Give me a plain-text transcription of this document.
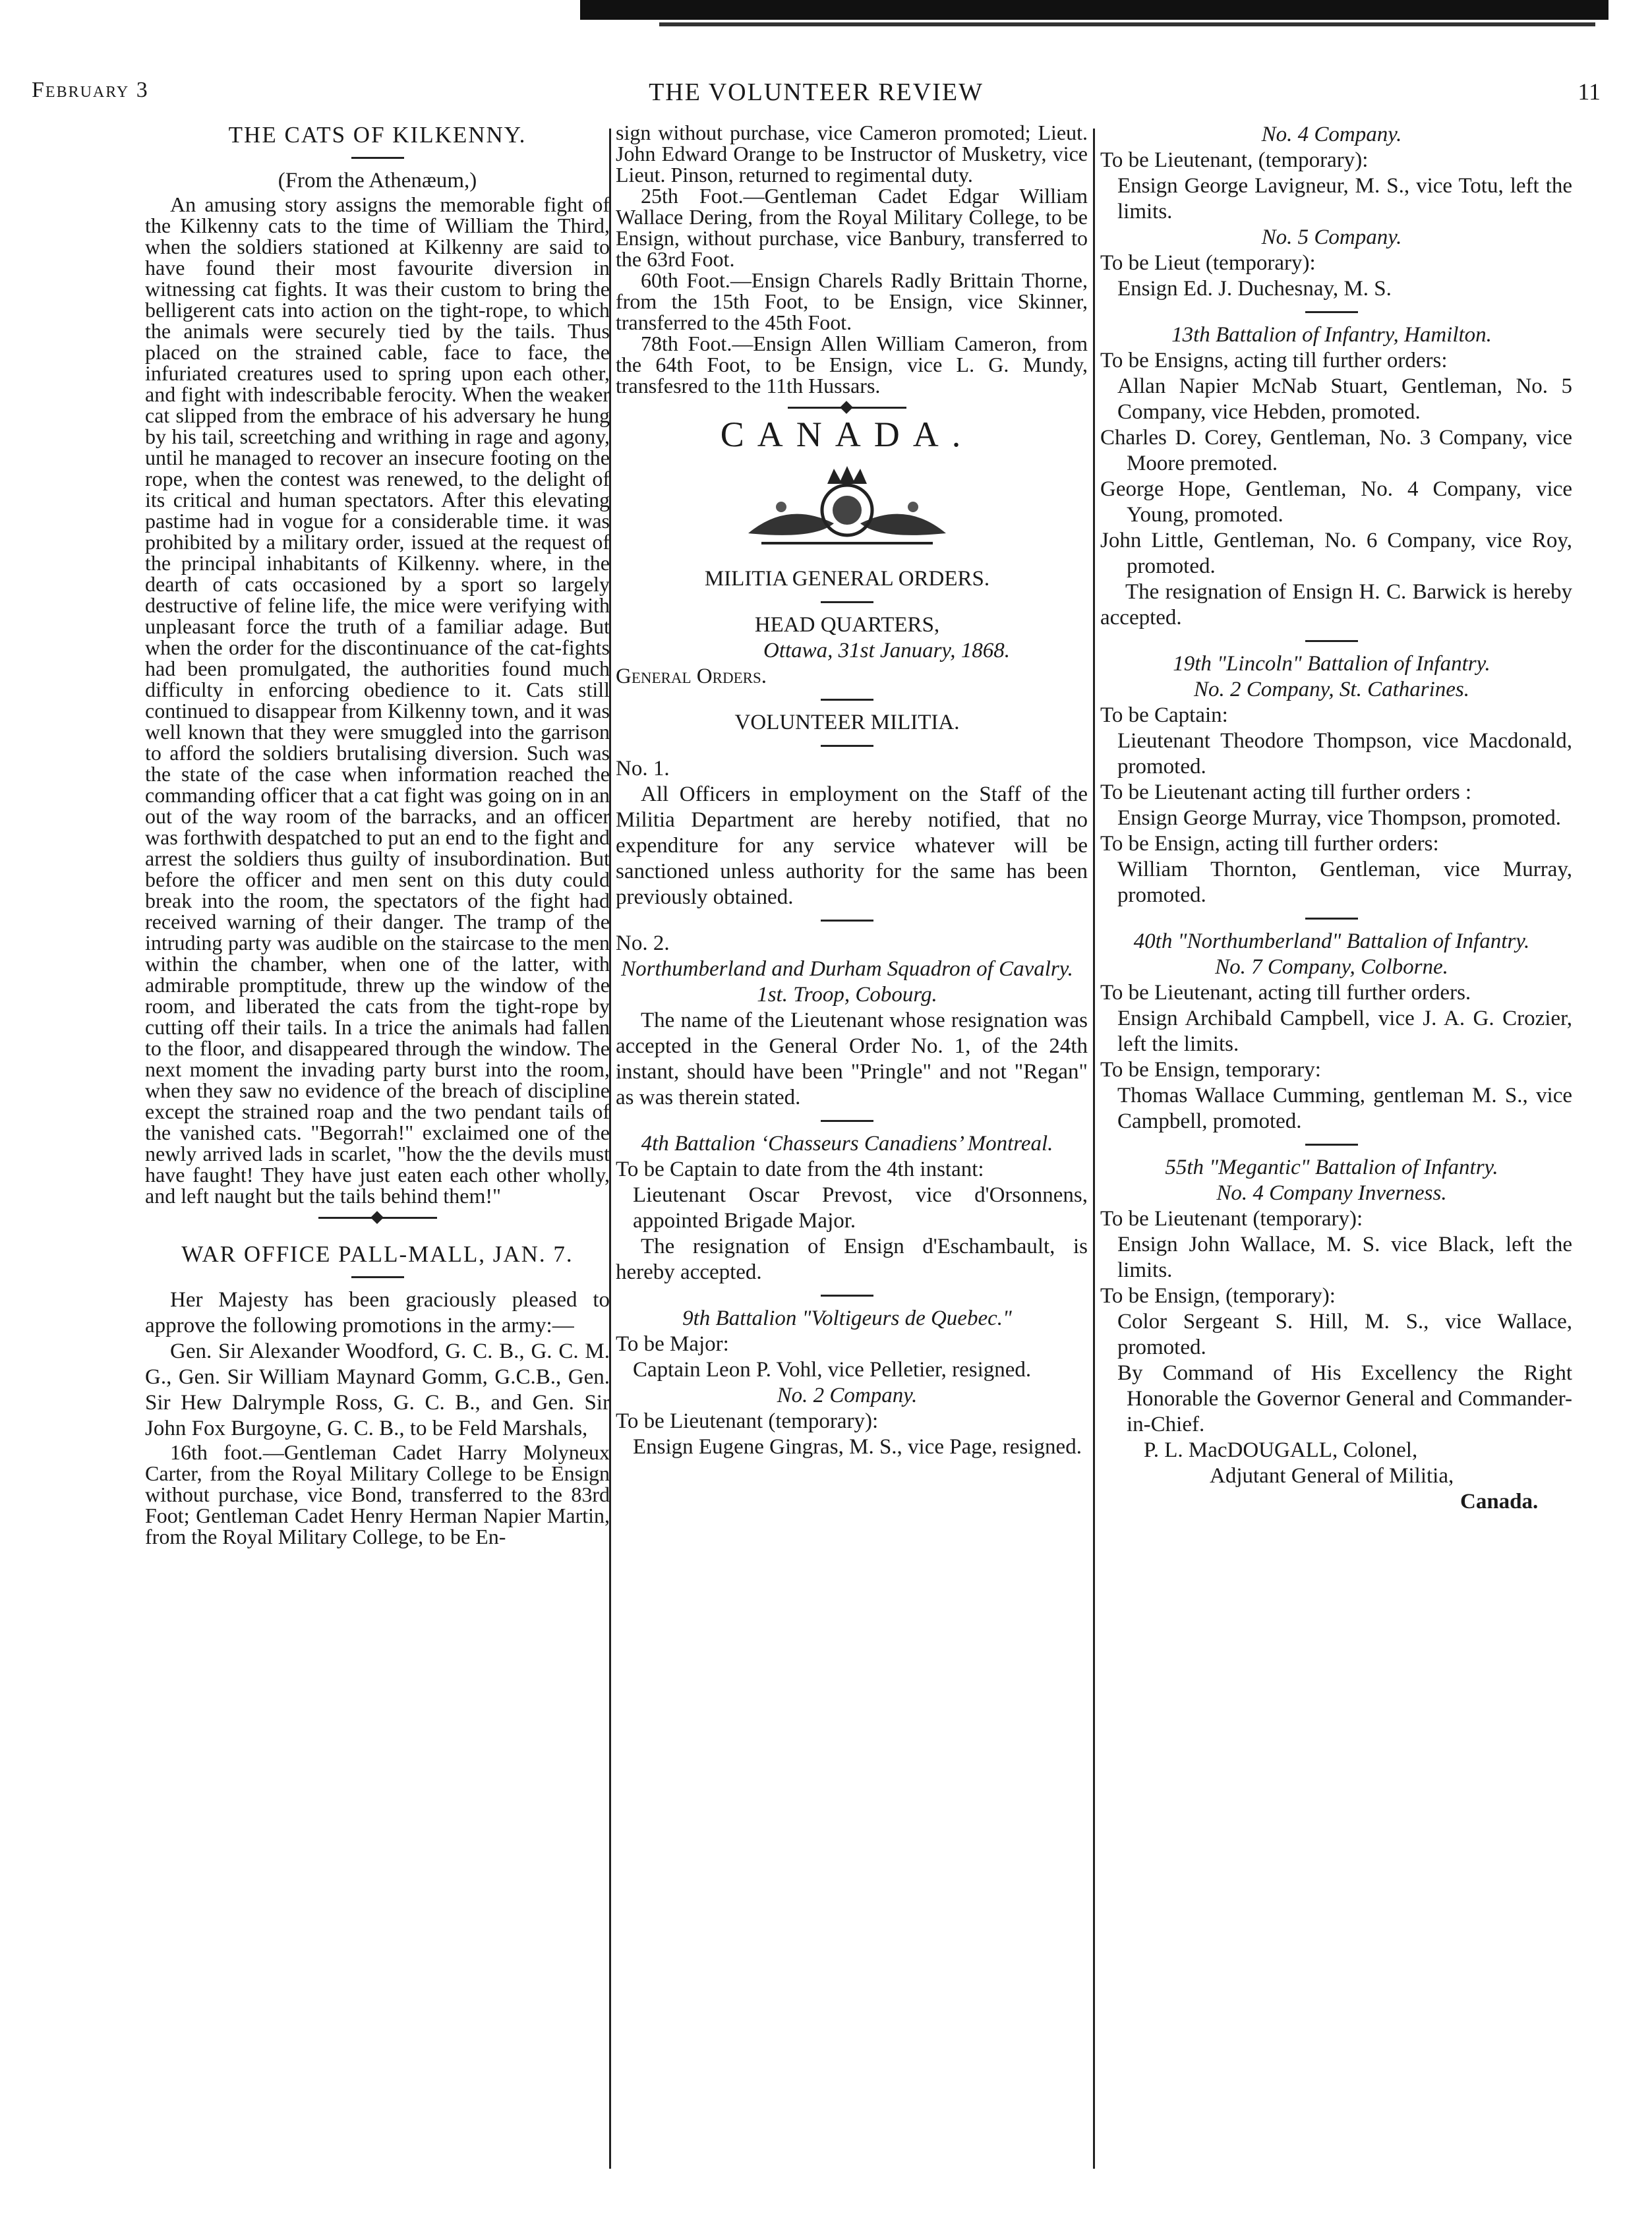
February 3	THE VOLUNTEER REVIEW	11

THE CATS OF KILKENNY.

(From the Athenæum,)

An amusing story assigns the memorable fight of the Kilkenny cats to the time of William the Third, when the soldiers stationed at Kilkenny are said to have found their most favourite diversion in witnessing cat fights. It was their custom to bring the belligerent cats into action on the tight-rope, to which the animals were securely tied by the tails. Thus placed on the strained cable, face to face, the infuriated creatures used to spring upon each other, and fight with indescribable ferocity. When the weaker cat slipped from the embrace of his adversary he hung by his tail, screetching and writhing in rage and agony, until he managed to recover an insecure footing on the rope, when the contest was renewed, to the delight of its critical and human spectators. After this elevating pastime had in vogue for a considerable time. it was prohibited by a military order, issued at the request of the principal inhabitants of Kilkenny. where, in the dearth of cats occasioned by a sport so largely destructive of feline life, the mice were verifying with unpleasant force the truth of a familiar adage. But when the order for the discontinuance of the cat-fights had been promulgated, the authorities found much difficulty in enforcing obedience to it. Cats still continued to disappear from Kilkenny town, and it was well known that they were smuggled into the garrison to afford the soldiers brutalising diversion. Such was the state of the case when information reached the commanding officer that a cat fight was going on in an out of the way room of the barracks, and an officer was forthwith despatched to put an end to the fight and arrest the soldiers thus guilty of insubordination. But before the officer and men sent on this duty could break into the room, the spectators of the fight had received warning of their danger. The tramp of the intruding party was audible on the staircase to the men within the chamber, when one of the latter, with admirable promptitude, threw up the window of the room, and liberated the cats from the tight-rope by cutting off their tails. In a trice the animals had fallen to the floor, and disappeared through the window. The next moment the invading party burst into the room, when they saw no evidence of the breach of discipline except the strained roap and the two pendant tails of the vanished cats. "Begorrah!" exclaimed one of the newly arrived lads in scarlet, "how the the devils must have faught! They have just eaten each other wholly, and left naught but the tails behind them!"

WAR OFFICE PALL-MALL, JAN. 7.

Her Majesty has been graciously pleased to approve the following promotions in the army:—

Gen. Sir Alexander Woodford, G. C. B., G. C. M. G., Gen. Sir William Maynard Gomm, G.C.B., Gen. Sir Hew Dalrymple Ross, G. C. B., and Gen. Sir John Fox Burgoyne, G. C. B., to be Feld Marshals,

16th foot.—Gentleman Cadet Harry Molyneux Carter, from the Royal Military College to be Ensign without purchase, vice Bond, transferred to the 83rd Foot; Gentleman Cadet Henry Herman Napier Martin, from the Royal Military College, to be En-

sign without purchase, vice Cameron promoted; Lieut. John Edward Orange to be Instructor of Musketry, vice Lieut. Pinson, returned to regimental duty.

25th Foot.—Gentleman Cadet Edgar William Wallace Dering, from the Royal Military College, to be Ensign, without purchase, vice Banbury, transferred to the 63rd Foot.

60th Foot.—Ensign Charels Radly Brittain Thorne, from the 15th Foot, to be Ensign, vice Skinner, transferred to the 45th Foot.

78th Foot.—Ensign Allen William Cameron, from the 64th Foot, to be Ensign, vice L. G. Mundy, transfesred to the 11th Hussars.

CANADA.

MILITIA GENERAL ORDERS.

HEAD QUARTERS,

Ottawa, 31st January, 1868.

General Orders.

VOLUNTEER MILITIA.

No. 1.

All Officers in employment on the Staff of the Militia Department are hereby notified, that no expenditure for any service whatever will be sanctioned unless authority for the same has been previously obtained.

No. 2.

Northumberland and Durham Squadron of Cavalry.

1st. Troop, Cobourg.

The name of the Lieutenant whose resignation was accepted in the General Order No. 1, of the 24th instant, should have been "Pringle" and not "Regan" as was therein stated.

4th Battalion ‘Chasseurs Canadiens’ Montreal.

To be Captain to date from the 4th instant:

Lieutenant Oscar Prevost, vice d'Orsonnens, appointed Brigade Major.

The resignation of Ensign d'Eschambault, is hereby accepted.

9th Battalion "Voltigeurs de Quebec."

To be Major:

Captain Leon P. Vohl, vice Pelletier, resigned.

No. 2 Company.

To be Lieutenant (temporary):

Ensign Eugene Gingras, M. S., vice Page, resigned.

No. 4 Company.

To be Lieutenant, (temporary):

Ensign George Lavigneur, M. S., vice Totu, left the limits.

No. 5 Company.

To be Lieut (temporary):

Ensign Ed. J. Duchesnay, M. S.

13th Battalion of Infantry, Hamilton.

To be Ensigns, acting till further orders:

Allan Napier McNab Stuart, Gentleman, No. 5 Company, vice Hebden, promoted.

Charles D. Corey, Gentleman, No. 3 Company, vice Moore premoted.

George Hope, Gentleman, No. 4 Company, vice Young, promoted.

John Little, Gentleman, No. 6 Company, vice Roy, promoted.

The resignation of Ensign H. C. Barwick is hereby accepted.

19th "Lincoln" Battalion of Infantry.

No. 2 Company, St. Catharines.

To be Captain:

Lieutenant Theodore Thompson, vice Macdonald, promoted.

To be Lieutenant acting till further orders :

Ensign George Murray, vice Thompson, promoted.

To be Ensign, acting till further orders:

William Thornton, Gentleman, vice Murray, promoted.

40th "Northumberland" Battalion of Infantry.

No. 7 Company, Colborne.

To be Lieutenant, acting till further orders.

Ensign Archibald Campbell, vice J. A. G. Crozier, left the limits.

To be Ensign, temporary:

Thomas Wallace Cumming, gentleman M. S., vice Campbell, promoted.

55th "Megantic" Battalion of Infantry.

No. 4 Company Inverness.

To be Lieutenant (temporary):

Ensign John Wallace, M. S. vice Black, left the limits.

To be Ensign, (temporary):

Color Sergeant S. Hill, M. S., vice Wallace, promoted.

By Command of His Excellency the Right Honorable the Governor General and Commander-in-Chief.

P. L. MacDOUGALL, Colonel,

Adjutant General of Militia,

Canada.
